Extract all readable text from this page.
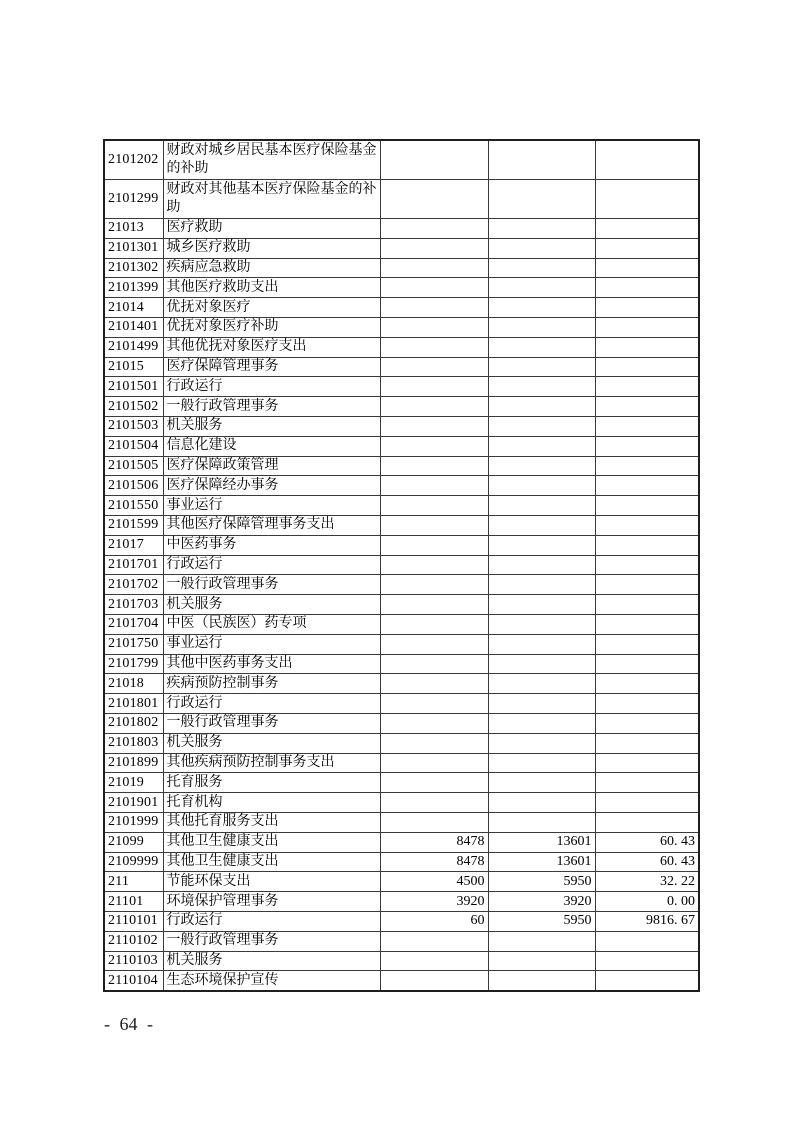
2101202	财政对城乡居民基本医疗保险基金的补助			
2101299	财政对其他基本医疗保险基金的补助			
21013	医疗救助			
2101301	城乡医疗救助			
2101302	疾病应急救助			
2101399	其他医疗救助支出			
21014	优抚对象医疗			
2101401	优抚对象医疗补助			
2101499	其他优抚对象医疗支出			
21015	医疗保障管理事务			
2101501	行政运行			
2101502	一般行政管理事务			
2101503	机关服务			
2101504	信息化建设			
2101505	医疗保障政策管理			
2101506	医疗保障经办事务			
2101550	事业运行			
2101599	其他医疗保障管理事务支出			
21017	中医药事务			
2101701	行政运行			
2101702	一般行政管理事务			
2101703	机关服务			
2101704	中医（民族医）药专项			
2101750	事业运行			
2101799	其他中医药事务支出			
21018	疾病预防控制事务			
2101801	行政运行			
2101802	一般行政管理事务			
2101803	机关服务			
2101899	其他疾病预防控制事务支出			
21019	托育服务			
2101901	托育机构			
2101999	其他托育服务支出			
21099	其他卫生健康支出	8478	13601	60. 43
2109999	其他卫生健康支出	8478	13601	60. 43
211	节能环保支出	4500	5950	32. 22
21101	环境保护管理事务	3920	3920	0. 00
2110101	行政运行	60	5950	9816. 67
2110102	一般行政管理事务			
2110103	机关服务			
2110104	生态环境保护宣传			
- 64 -
